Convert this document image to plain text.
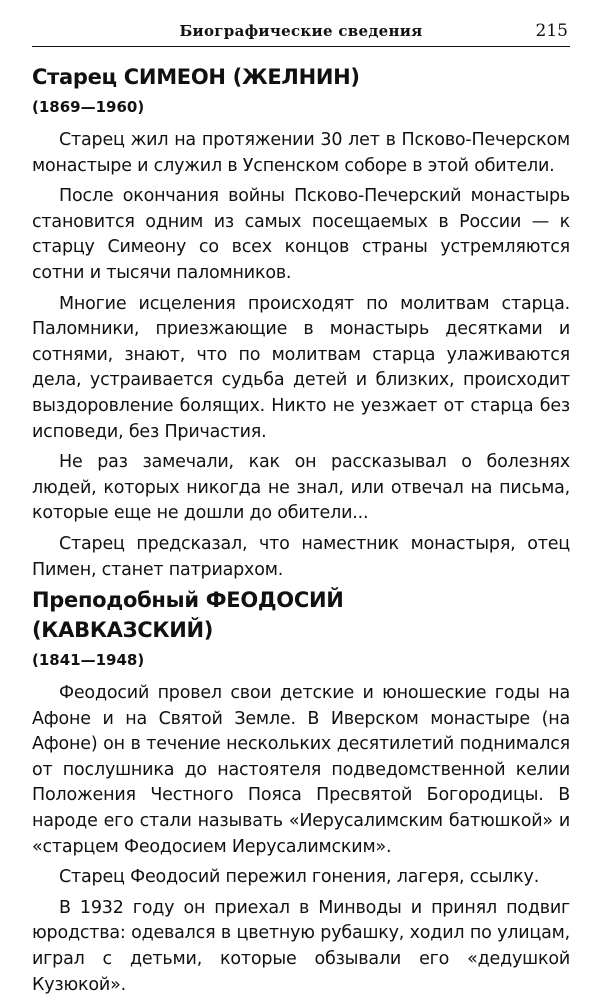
Биографические сведения	215
Старец СИМЕОН (ЖЕЛНИН)
(1869—1960)

Старец жил на протяжении 30 лет в Псково-Печерском монастыре и служил в Успенском соборе в этой обители.

После окончания войны Псково-Печерский монастырь становится одним из самых посещаемых в России — к старцу Симеону со всех концов страны устремляются сотни и тысячи паломников.

Многие исцеления происходят по молитвам старца. Паломники, приезжающие в монастырь десятками и сотнями, знают, что по молитвам старца улаживаются дела, устраивается судьба детей и близких, происходит выздоровление болящих. Никто не уезжает от старца без исповеди, без Причастия.

Не раз замечали, как он рассказывал о болезнях людей, которых никогда не знал, или отвечал на письма, которые еще не дошли до обители...

Старец предсказал, что наместник монастыря, отец Пимен, станет патриархом.

Преподобный ФЕОДОСИЙ
(КАВКАЗСКИЙ)
(1841—1948)

Феодосий провел свои детские и юношеские годы на Афоне и на Святой Земле. В Иверском монастыре (на Афоне) он в течение нескольких десятилетий поднимался от послушника до настоятеля подведомственной келии Положения Честного Пояса Пресвятой Богородицы. В народе его стали называть «Иерусалимским батюшкой» и «старцем Феодосием Иерусалимским».

Старец Феодосий пережил гонения, лагеря, ссылку.

В 1932 году он приехал в Минводы и принял подвиг юродства: одевался в цветную рубашку, ходил по улицам, играл с детьми, которые обзывали его «дедушкой Кузюкой».
